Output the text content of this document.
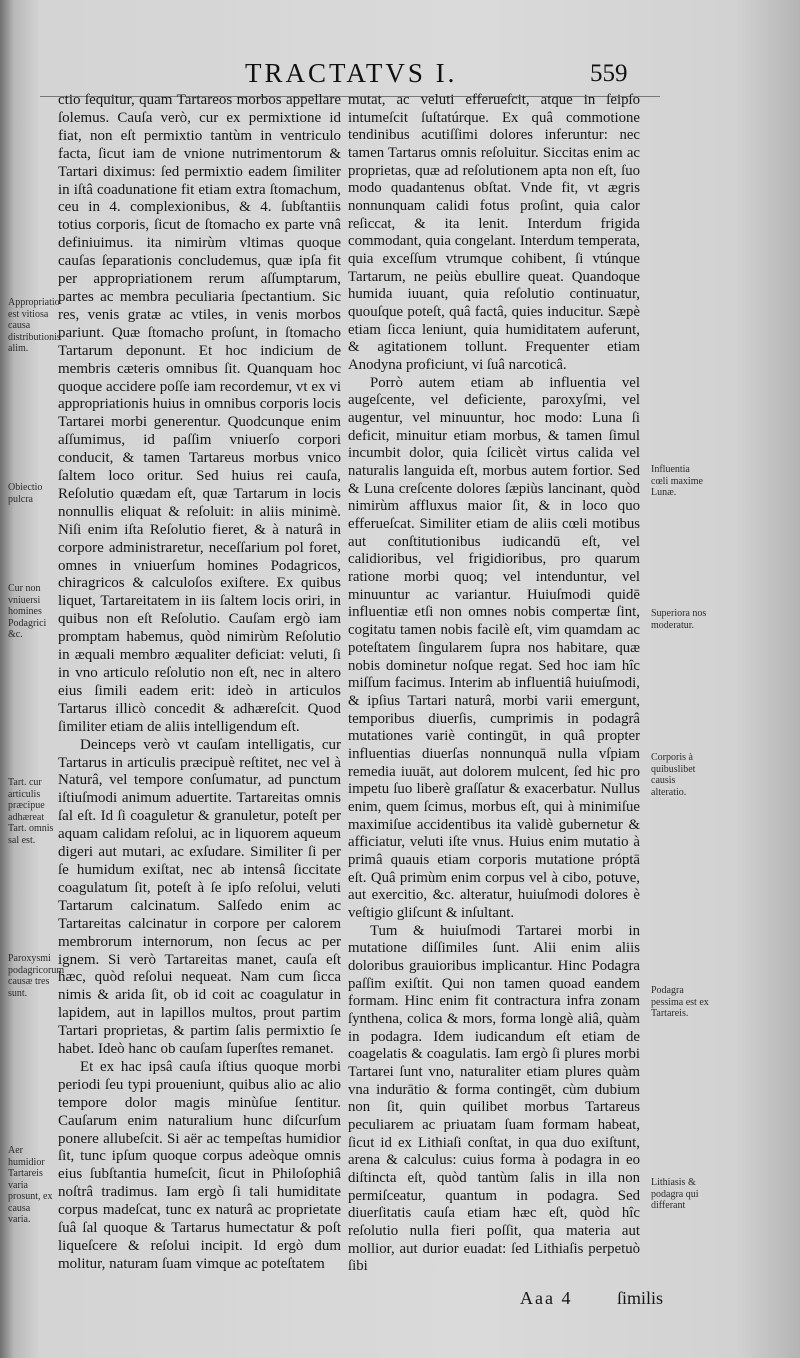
TRACTATVS I.	559

ctio ſequitur, quam Tartareos morbos appellare ſolemus. Cauſa verò, cur ex permixtione id fiat, non eſt permixtio tantùm in ventriculo facta, ſicut iam de vnione nutrimentorum & Tartari diximus: ſed permixtio eadem ſimiliter in iſtâ coadunatione fit etiam extra ſtomachum, ceu in 4. complexionibus, & 4. ſubſtantiis totius corporis, ſicut de ſtomacho ex parte vnâ definiuimus. ita nimirùm vltimas quoque cauſas ſeparationis concludemus, quæ ipſa fit per appropriationem rerum aſſumptarum, partes ac membra peculiaria ſpectantium. Sic res, venis gratæ ac vtiles, in venis morbos pariunt. Quæ ſtomacho proſunt, in ſtomacho Tartarum deponunt. Et hoc indicium de membris cæteris omnibus ſit. Quanquam hoc quoque accidere poſſe iam recordemur, vt ex vi appropriationis huius in omnibus corporis locis Tartarei morbi generentur. Quodcunque enim aſſumimus, id paſſim vniuerſo corpori conducit, & tamen Tartareus morbus vnico ſaltem loco oritur. Sed huius rei cauſa, Reſolutio quædam eſt, quæ Tartarum in locis nonnullis eliquat & reſoluit: in aliis minimè. Niſi enim iſta Reſolutio fieret, & à naturâ in corpore administraretur, neceſſarium pol foret, omnes in vniuerſum homines Podagricos, chiragricos & calculoſos exiſtere. Ex quibus liquet, Tartareitatem in iis ſaltem locis oriri, in quibus non eſt Reſolutio. Cauſam ergò iam promptam habemus, quòd nimirùm Reſolutio in æquali membro æqualiter deficiat: veluti, ſi in vno articulo reſolutio non eſt, nec in altero eius ſimili eadem erit: ideò in articulos Tartarus illicò concedit & adhæreſcit. Quod ſimiliter etiam de aliis intelligendum eſt.

Deinceps verò vt cauſam intelligatis, cur Tartarus in articulis præcipuè reſtitet, nec vel à Naturâ, vel tempore conſumatur, ad punctum iſtiuſmodi animum aduertite. Tartareitas omnis ſal eſt. Id ſi coaguletur & granuletur, poteſt per aquam calidam reſolui, ac in liquorem aqueum digeri aut mutari, ac exſudare. Similiter ſi per ſe humidum exiſtat, nec ab intensâ ſiccitate coagulatum ſit, poteſt à ſe ipſo reſolui, veluti Tartarum calcinatum. Salſedo enim ac Tartareitas calcinatur in corpore per calorem membrorum internorum, non ſecus ac per ignem. Si verò Tartareitas manet, cauſa eſt hæc, quòd reſolui nequeat. Nam cum ſicca nimis & arida ſit, ob id coit ac coagulatur in lapidem, aut in lapillos multos, prout partim Tartari proprietas, & partim ſalis permixtio ſe habet. Ideò hanc ob cauſam ſuperſtes remanet.

Et ex hac ipsâ cauſa iſtius quoque morbi periodi ſeu typi proueniunt, quibus alio ac alio tempore dolor magis minùſue ſentitur. Cauſarum enim naturalium hunc diſcurſum ponere allubeſcit. Si aër ac tempeſtas humidior ſit, tunc ipſum quoque corpus adeòque omnis eius ſubſtantia humeſcit, ſicut in Philoſophiâ noſtrâ tradimus. Iam ergò ſi tali humiditate corpus madeſcat, tunc ex naturâ ac proprietate ſuâ ſal quoque & Tartarus humectatur & poſt liqueſcere & reſolui incipit. Id ergò dum molitur, naturam ſuam vimque ac poteſtatem

mutat, ac veluti efferueſcit, atque in ſeipſo intumeſcit ſuſtatúrque. Ex quâ commotione tendinibus acutiſſimi dolores inferuntur: nec tamen Tartarus omnis reſoluitur. Siccitas enim ac proprietas, quæ ad reſolutionem apta non eſt, ſuo modo quadantenus obſtat. Vnde fit, vt ægris nonnunquam calidi fotus proſint, quia calor reſiccat, & ita lenit. Interdum frigida commodant, quia congelant. Interdum temperata, quia exceſſum vtrumque cohibent, ſi vtúnque Tartarum, ne peiùs ebullire queat. Quandoque humida iuuant, quia reſolutio continuatur, quouſque poteſt, quâ factâ, quies inducitur. Sæpè etiam ſicca leniunt, quia humiditatem auferunt, & agitationem tollunt. Frequenter etiam Anodyna proficiunt, vi ſuâ narcoticâ.

Porrò autem etiam ab influentia vel augeſcente, vel deficiente, paroxyſmi, vel augentur, vel minuuntur, hoc modo: Luna ſi deficit, minuitur etiam morbus, & tamen ſimul incumbit dolor, quia ſcilicèt virtus calida vel naturalis languida eſt, morbus autem fortior. Sed & Luna creſcente dolores ſæpiùs lancinant, quòd nimirùm affluxus maior ſit, & in loco quo efferueſcat. Similiter etiam de aliis cœli motibus aut conſtitutionibus iudicandū eſt, vel calidioribus, vel frigidioribus, pro quarum ratione morbi quoq; vel intenduntur, vel minuuntur ac variantur. Huiuſmodi quidē influentiæ etſi non omnes nobis compertæ ſint, cogitatu tamen nobis facilè eſt, vim quamdam ac poteſtatem ſingularem ſupra nos habitare, quæ nobis dominetur noſque regat. Sed hoc iam hîc miſſum facimus. Interim ab influentiâ huiuſmodi, & ipſius Tartari naturâ, morbi varii emergunt, temporibus diuerſis, cumprimis in podagrâ mutationes variè contingūt, in quâ propter influentias diuerſas nonnunquā nulla vſpiam remedia iuuāt, aut dolorem mulcent, ſed hic pro impetu ſuo liberè graſſatur & exacerbatur. Nullus enim, quem ſcimus, morbus eſt, qui à minimiſue maximiſue accidentibus ita validè gubernetur & afficiatur, veluti iſte vnus. Huius enim mutatio à primâ quauis etiam corporis mutatione próptā eſt. Quâ primùm enim corpus vel à cibo, potuve, aut exercitio, &c. alteratur, huiuſmodi dolores è veſtigio gliſcunt & inſultant.

Tum & huiuſmodi Tartarei morbi in mutatione diſſimiles ſunt. Alii enim aliis doloribus grauioribus implicantur. Hinc Podagra paſſim exiſtit. Qui non tamen quoad eandem formam. Hinc enim fit contractura infra zonam ſynthena, colica & mors, forma longè aliâ, quàm in podagra. Idem iudicandum eſt etiam de coagelatis & coagulatis. Iam ergò ſi plures morbi Tartarei ſunt vno, naturaliter etiam plures quàm vna indurātio & forma contingēt, cùm dubium non ſit, quin quilibet morbus Tartareus peculiarem ac priuatam ſuam formam habeat, ſicut id ex Lithiaſi conſtat, in qua duo exiſtunt, arena & calculus: cuius forma à podagra in eo diſtincta eſt, quòd tantùm ſalis in illa non permiſceatur, quantum in podagra. Sed diuerſitatis cauſa etiam hæc eſt, quòd hîc reſolutio nulla fieri poſſit, qua materia aut mollior, aut durior euadat: ſed Lithiaſis perpetuò ſibi

Appropriatio est vitiosa causa distributionis alim.
Obiectio pulcra
Cur non vniuersi homines Podagrici &c.
Tart. cur articulis præcipue adhæreat Tart. omnis sal est.
Paroxysmi podagricorum causæ tres sunt.
Aer humidior Tartareis varia prosunt, ex causa varia.
Influentia cœli maxime Lunæ.
Superiora nos moderatur.
Corporis à quibuslibet causis alteratio.
Podagra pessima est ex Tartareis.
Lithiasis & podagra qui differant
Aaa 4 ſimilis
